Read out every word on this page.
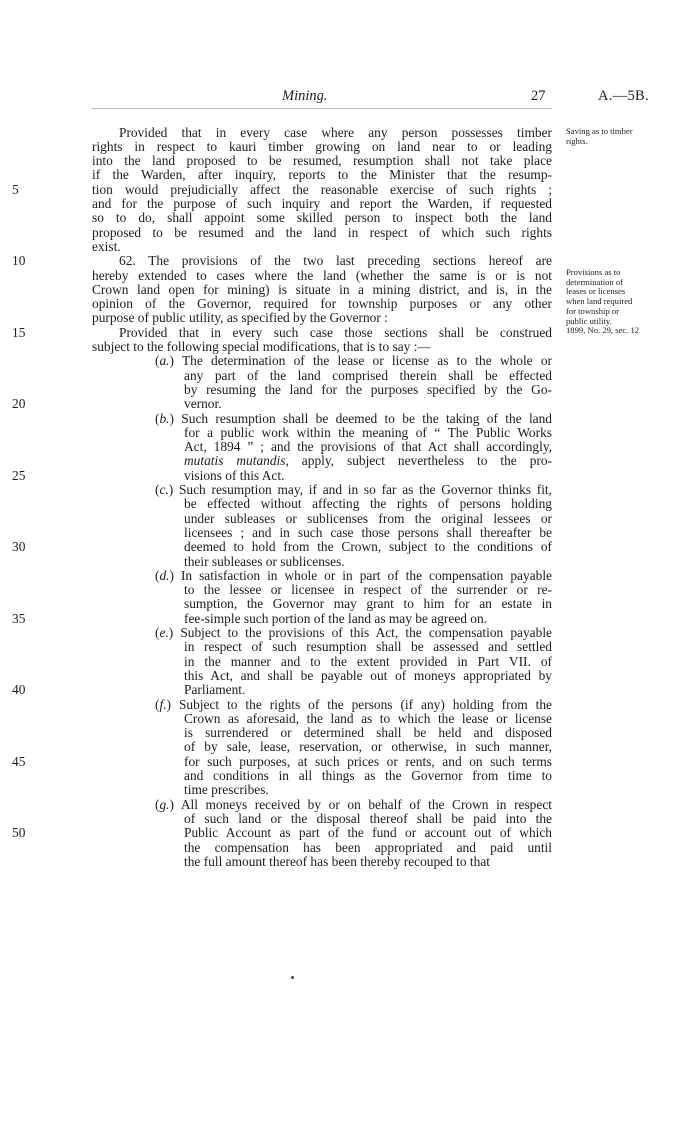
Mining.	27	A.—5B.
Provided that in every case where any person possesses timber
rights in respect to kauri timber growing on land near to or leading
into the land proposed to be resumed, resumption shall not take place
if the Warden, after inquiry, reports to the Minister that the resump-
tion would prejudicially affect the reasonable exercise of such rights ;
and for the purpose of such inquiry and report the Warden, if requested
so to do, shall appoint some skilled person to inspect both the land
proposed to be resumed and the land in respect of which such rights
exist.
62. The provisions of the two last preceding sections hereof are
hereby extended to cases where the land (whether the same is or is not
Crown land open for mining) is situate in a mining district, and is, in the
opinion of the Governor, required for township purposes or any other
purpose of public utility, as specified by the Governor :
Provided that in every such case those sections shall be construed
subject to the following special modifications, that is to say :—
(a.) The determination of the lease or license as to the whole or
any part of the land comprised therein shall be effected
by resuming the land for the purposes specified by the Go-
vernor.
(b.) Such resumption shall be deemed to be the taking of the land
for a public work within the meaning of “ The Public Works
Act, 1894 ” ; and the provisions of that Act shall accordingly,
mutatis mutandis, apply, subject nevertheless to the pro-
visions of this Act.
(c.) Such resumption may, if and in so far as the Governor thinks fit,
be effected without affecting the rights of persons holding
under subleases or sublicenses from the original lessees or
licensees ; and in such case those persons shall thereafter be
deemed to hold from the Crown, subject to the conditions of
their subleases or sublicenses.
(d.) In satisfaction in whole or in part of the compensation payable
to the lessee or licensee in respect of the surrender or re-
sumption, the Governor may grant to him for an estate in
fee-simple such portion of the land as may be agreed on.
(e.) Subject to the provisions of this Act, the compensation payable
in respect of such resumption shall be assessed and settled
in the manner and to the extent provided in Part VII. of
this Act, and shall be payable out of moneys appropriated by
Parliament.
(f.) Subject to the rights of the persons (if any) holding from the
Crown as aforesaid, the land as to which the lease or license
is surrendered or determined shall be held and disposed
of by sale, lease, reservation, or otherwise, in such manner,
for such purposes, at such prices or rents, and on such terms
and conditions in all things as the Governor from time to
time prescribes.
(g.) All moneys received by or on behalf of the Crown in respect
of such land or the disposal thereof shall be paid into the
Public Account as part of the fund or account out of which
the compensation has been appropriated and paid until
the full amount thereof has been thereby recouped to that
5
10
15
20
25
30
35
40
45
50
Saving as to timber
rights.
Provisions as to
determination of
leases or licenses
when land required
for township or
public utility.
1899, No. 29, sec. 12
